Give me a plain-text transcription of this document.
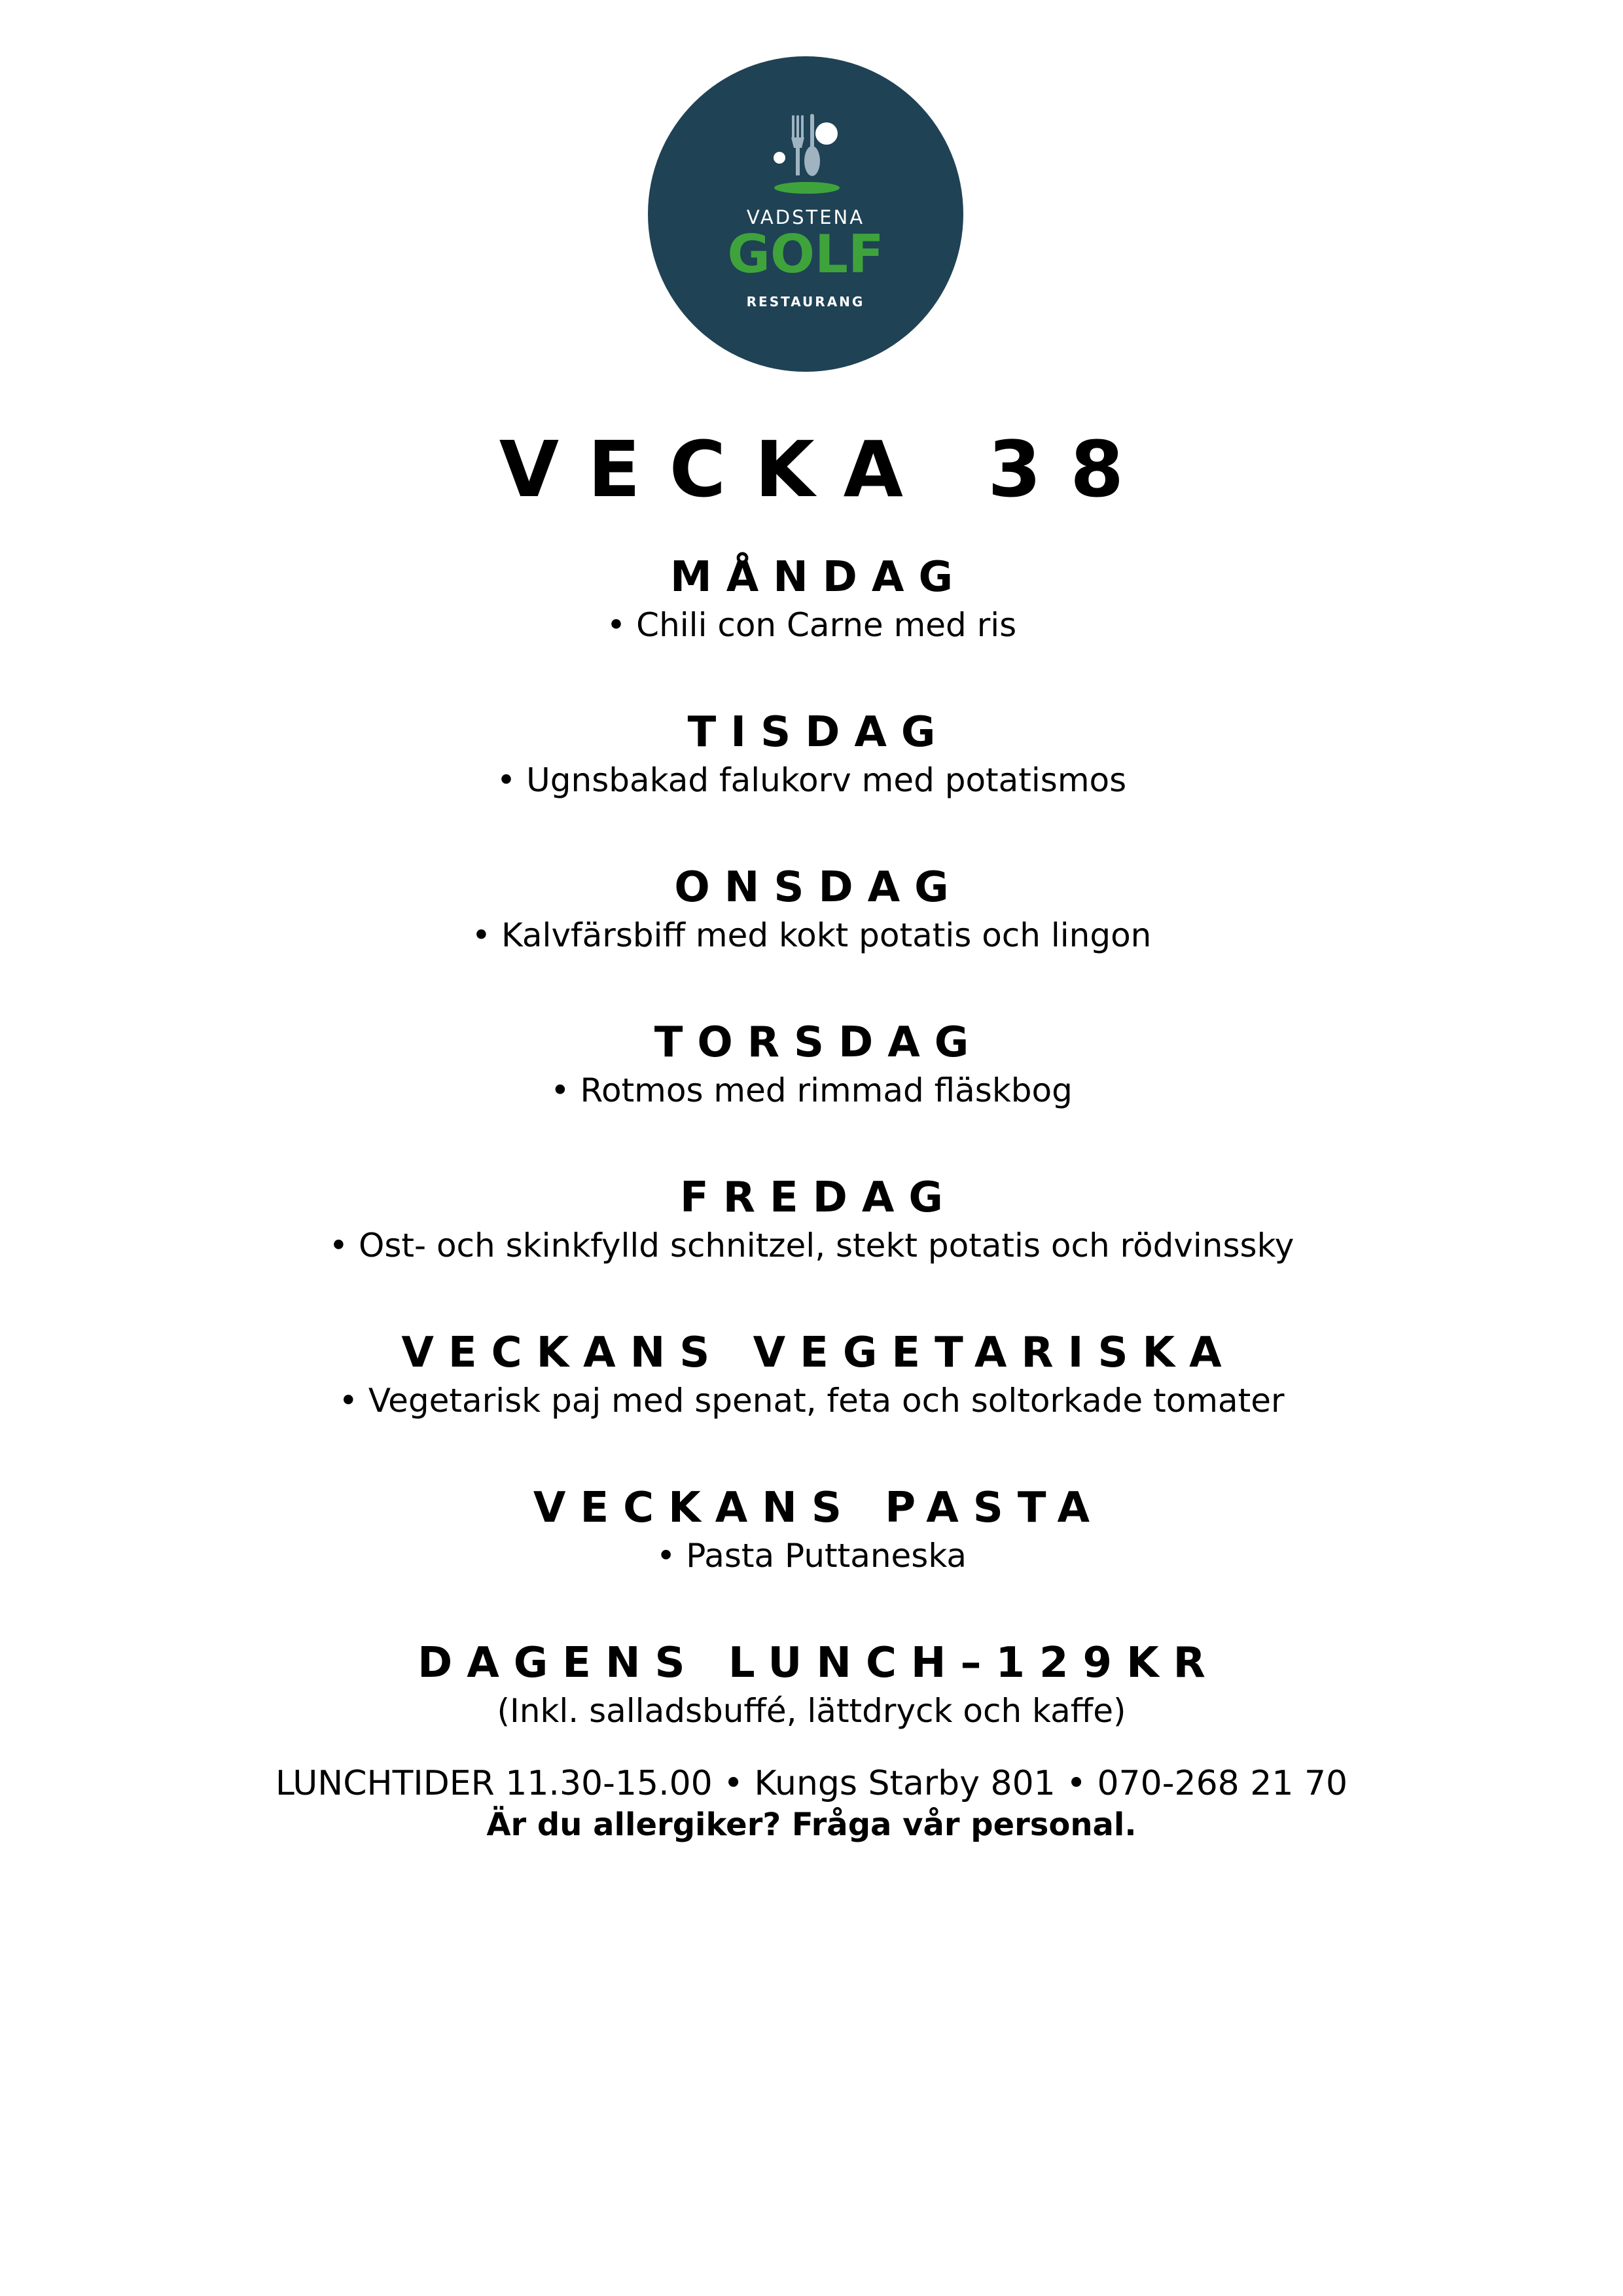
VADSTENA
GOLF
RESTAURANG
VECKA 38
MÅNDAG
• Chili con Carne med ris
TISDAG
• Ugnsbakad falukorv med potatismos
ONSDAG
• Kalvfärsbiff med kokt potatis och lingon
TORSDAG
• Rotmos med rimmad fläskbog
FREDAG
• Ost- och skinkfylld schnitzel, stekt potatis och rödvinssky
VECKANS VEGETARISKA
• Vegetarisk paj med spenat, feta och soltorkade tomater
VECKANS PASTA
• Pasta Puttaneska
DAGENS LUNCH–129KR
(Inkl. salladsbuffé, lättdryck och kaffe)
LUNCHTIDER 11.30-15.00 • Kungs Starby 801 • 070-268 21 70
Är du allergiker? Fråga vår personal.
